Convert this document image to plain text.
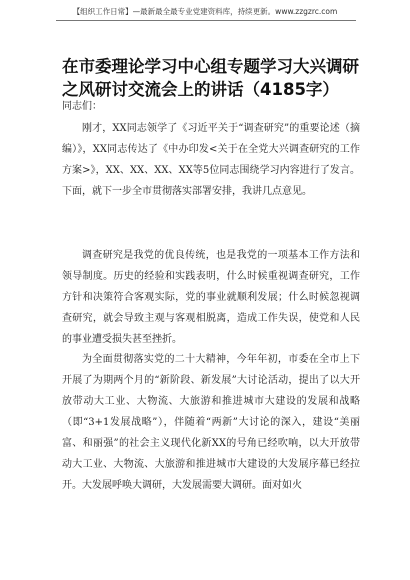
【组织工作日常】—最新最全最专业党建资料库，持续更新。www.zzgzrc.com
在市委理论学习中心组专题学习大兴调研之风研讨交流会上的讲话（4185字）

同志们：

刚才，XX同志领学了《习近平关于“调查研究”的重要论述（摘编）》，XX同志传达了《中办印发<关于在全党大兴调查研究的工作方案>》，XX、XX、XX、XX等5位同志围绕学习内容进行了发言。下面，就下一步全市贯彻落实部署安排，我讲几点意见。

调查研究是我党的优良传统，也是我党的一项基本工作方法和领导制度。历史的经验和实践表明，什么时候重视调查研究，工作方针和决策符合客观实际，党的事业就顺利发展；什么时候忽视调查研究，就会导致主观与客观相脱离，造成工作失误，使党和人民的事业遭受损失甚至挫折。

为全面贯彻落实党的二十大精神，今年年初，市委在全市上下开展了为期两个月的“新阶段、新发展”大讨论活动，提出了以大开放带动大工业、大物流、大旅游和推进城市大建设的发展和战略（即“3+1发展战略”），伴随着“两新”大讨论的深入，建设“美丽富、和丽强”的社会主义现代化新XX的号角已经吹响，以大开放带动大工业、大物流、大旅游和推进城市大建设的大发展序幕已经拉开。大发展呼唤大调研，大发展需要大调研。面对如火
